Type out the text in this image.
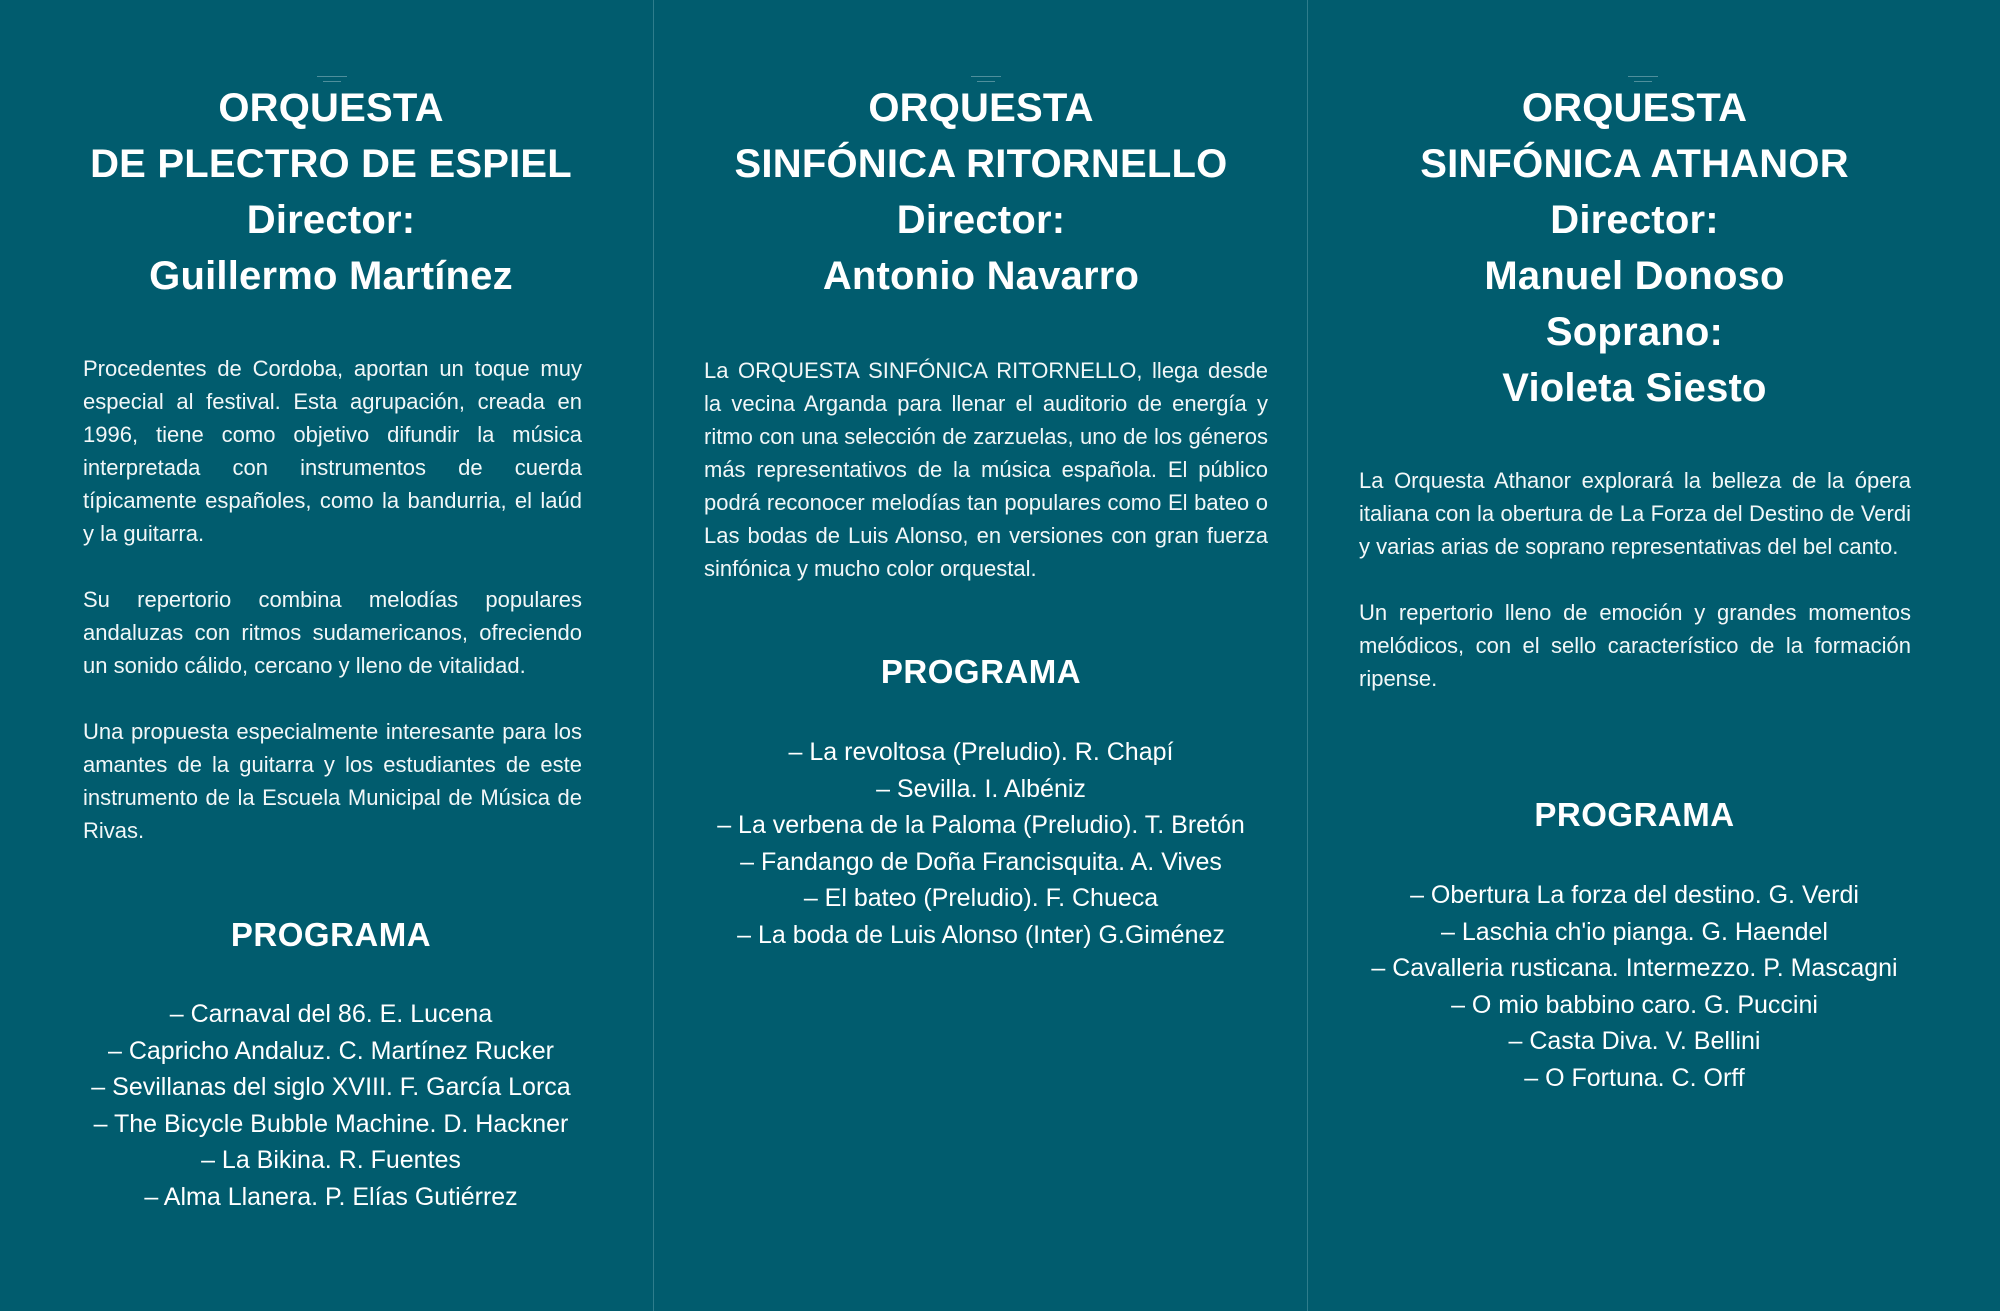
ORQUESTA
DE PLECTRO DE ESPIEL
Director:
Guillermo Martínez

Procedentes de Cordoba, aportan un toque muy especial al festival. Esta agrupación, creada en 1996, tiene como objetivo difundir la música interpretada con instrumentos de cuerda típicamente españoles, como la bandurria, el laúd y la guitarra.

Su repertorio combina melodías populares andaluzas con ritmos sudamericanos, ofreciendo un sonido cálido, cercano y lleno de vitalidad.

Una propuesta especialmente interesante para los amantes de la guitarra y los estudiantes de este instrumento de la Escuela Municipal de Música de Rivas.

PROGRAMA
– Carnaval del 86. E. Lucena
– Capricho Andaluz. C. Martínez Rucker
– Sevillanas del siglo XVIII. F. García Lorca
– The Bicycle Bubble Machine. D. Hackner
– La Bikina. R. Fuentes
– Alma Llanera. P. Elías Gutiérrez
ORQUESTA
SINFÓNICA RITORNELLO
Director:
Antonio Navarro

La ORQUESTA SINFÓNICA RITORNELLO, llega desde la vecina Arganda para llenar el auditorio de energía y ritmo con una selección de zarzuelas, uno de los géneros más representativos de la música española. El público podrá reconocer melodías tan populares como El bateo o Las bodas de Luis Alonso, en versiones con gran fuerza sinfónica y mucho color orquestal.

PROGRAMA
– La revoltosa (Preludio). R. Chapí
– Sevilla. I. Albéniz
– La verbena de la Paloma (Preludio). T. Bretón
– Fandango de Doña Francisquita. A. Vives
– El bateo (Preludio). F. Chueca
– La boda de Luis Alonso (Inter) G.Giménez
ORQUESTA
SINFÓNICA ATHANOR
Director:
Manuel Donoso
Soprano:
Violeta Siesto

La Orquesta Athanor explorará la belleza de la ópera italiana con la obertura de La Forza del Destino de Verdi y varias arias de soprano representativas del bel canto.

Un repertorio lleno de emoción y grandes momentos melódicos, con el sello característico de la formación ripense.

PROGRAMA
– Obertura La forza del destino. G. Verdi
– Laschia ch'io pianga. G. Haendel
– Cavalleria rusticana. Intermezzo. P. Mascagni
– O mio babbino caro. G. Puccini
– Casta Diva. V. Bellini
– O Fortuna. C. Orff
